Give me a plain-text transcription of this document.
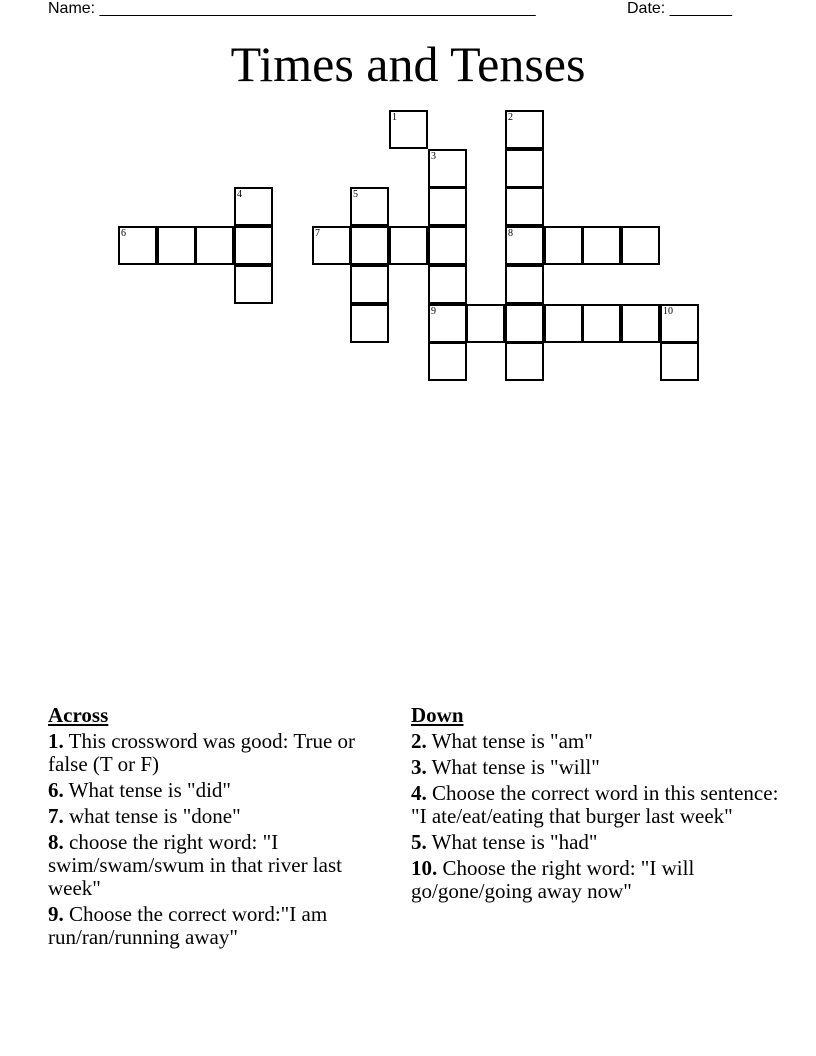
Name: _________________________________________________	Date: _______
Times and Tenses
1	2
3
4	5
6	7	8
9	10
Across
1. This crossword was good: True or false (T or F)
6. What tense is "did"
7. what tense is "done"
8. choose the right word: "I swim/swam/swum in that river last week"
9. Choose the correct word:"I am run/ran/running away"
Down
2. What tense is "am"
3. What tense is "will"
4. Choose the correct word in this sentence: "I ate/eat/eating that burger last week"
5. What tense is "had"
10. Choose the right word: "I will go/gone/going away now"
